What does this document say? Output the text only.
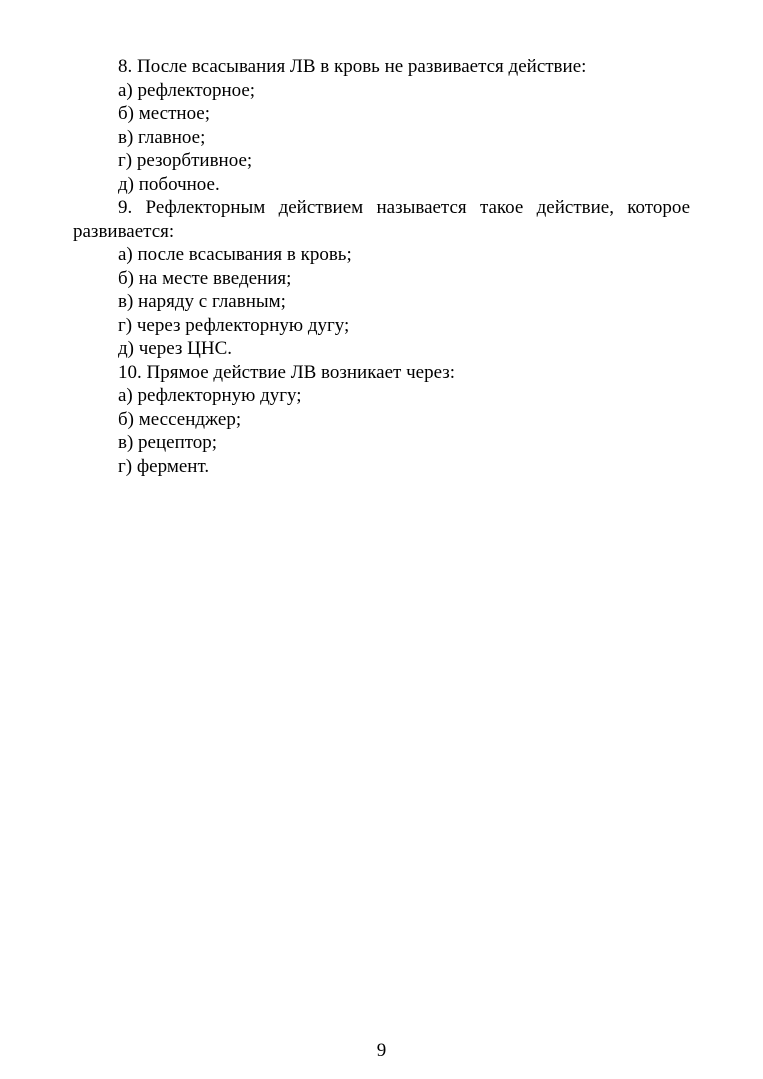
8. После всасывания ЛВ в кровь не развивается действие:

а) рефлекторное;

б) местное;

в) главное;

г) резорбтивное;

д) побочное.

9. Рефлекторным действием называется такое действие, которое развивается:

а) после всасывания в кровь;

б) на месте введения;

в) наряду с главным;

г) через рефлекторную дугу;

д) через ЦНС.

10. Прямое действие ЛВ возникает через:

а) рефлекторную дугу;

б) мессенджер;

в) рецептор;

г) фермент.

9
